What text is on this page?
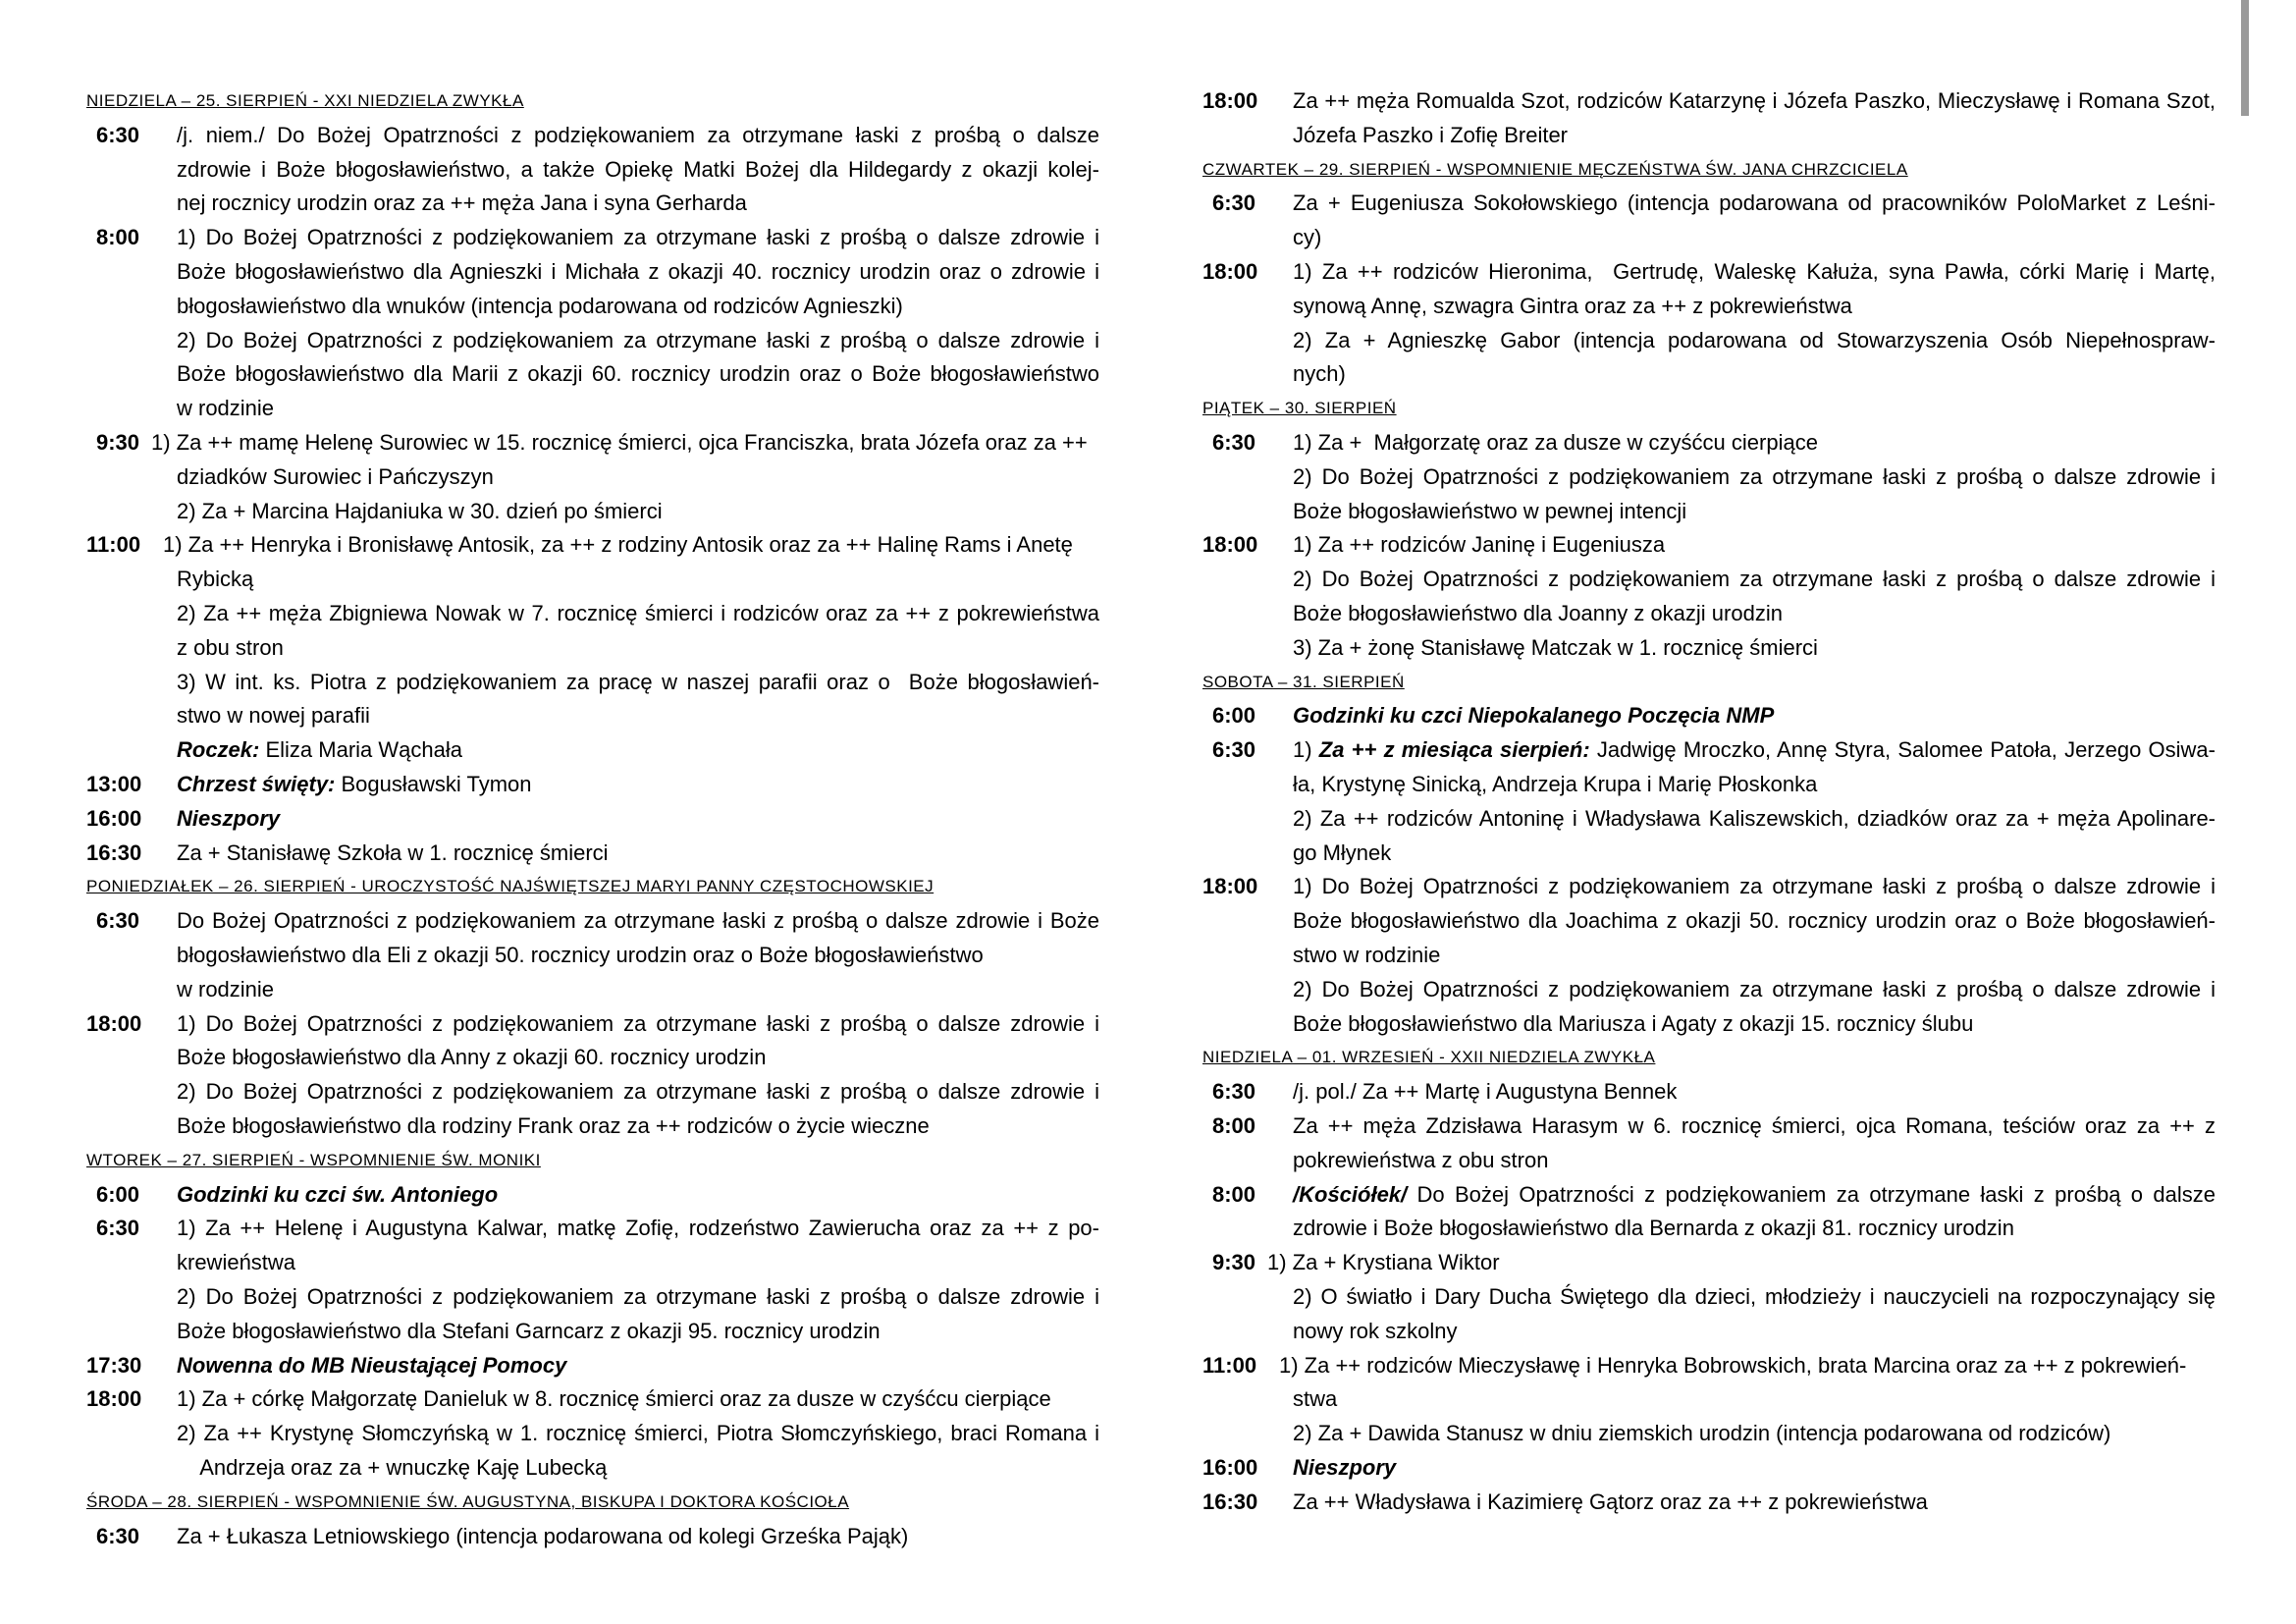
NIEDZIELA – 25. SIERPIEŃ - XXI NIEDZIELA ZWYKŁA
6:30 /j. niem./ Do Bożej Opatrzności z podziękowaniem za otrzymane łaski z prośbą o dalsze
zdrowie i Boże błogosławieństwo, a także Opiekę Matki Bożej dla Hildegardy z okazji kolej-
nej rocznicy urodzin oraz za ++ męża Jana i syna Gerharda
8:00 1) Do Bożej Opatrzności z podziękowaniem za otrzymane łaski z prośbą o dalsze zdrowie i
Boże błogosławieństwo dla Agnieszki i Michała z okazji 40. rocznicy urodzin oraz o zdrowie i
błogosławieństwo dla wnuków (intencja podarowana od rodziców Agnieszki)
2) Do Bożej Opatrzności z podziękowaniem za otrzymane łaski z prośbą o dalsze zdrowie i
Boże błogosławieństwo dla Marii z okazji 60. rocznicy urodzin oraz o Boże błogosławieństwo
w rodzinie
9:30 1) Za ++ mamę Helenę Surowiec w 15. rocznicę śmierci, ojca Franciszka, brata Józefa oraz za ++
dziadków Surowiec i Pańczyszyn
2) Za + Marcina Hajdaniuka w 30. dzień po śmierci
11:00 1) Za ++ Henryka i Bronisławę Antosik, za ++ z rodziny Antosik oraz za ++ Halinę Rams i Anetę
Rybicką
2) Za ++ męża Zbigniewa Nowak w 7. rocznicę śmierci i rodziców oraz za ++ z pokrewieństwa
z obu stron
3) W int. ks. Piotra z podziękowaniem za pracę w naszej parafii oraz o  Boże błogosławień-
stwo w nowej parafii
Roczek: Eliza Maria Wąchała
13:00 Chrzest święty: Bogusławski Tymon
16:00 Nieszpory
16:30 Za + Stanisławę Szkoła w 1. rocznicę śmierci
PONIEDZIAŁEK – 26. SIERPIEŃ - UROCZYSTOŚĆ NAJŚWIĘTSZEJ MARYI PANNY CZĘSTOCHOWSKIEJ
6:30 Do Bożej Opatrzności z podziękowaniem za otrzymane łaski z prośbą o dalsze zdrowie i Boże
błogosławieństwo dla Eli z okazji 50. rocznicy urodzin oraz o Boże błogosławieństwo
w rodzinie
18:00 1) Do Bożej Opatrzności z podziękowaniem za otrzymane łaski z prośbą o dalsze zdrowie i
Boże błogosławieństwo dla Anny z okazji 60. rocznicy urodzin
2) Do Bożej Opatrzności z podziękowaniem za otrzymane łaski z prośbą o dalsze zdrowie i
Boże błogosławieństwo dla rodziny Frank oraz za ++ rodziców o życie wieczne
WTOREK – 27. SIERPIEŃ - WSPOMNIENIE ŚW. MONIKI
6:00 Godzinki ku czci św. Antoniego
6:30 1) Za ++ Helenę i Augustyna Kalwar, matkę Zofię, rodzeństwo Zawierucha oraz za ++ z po-
krewieństwa
2) Do Bożej Opatrzności z podziękowaniem za otrzymane łaski z prośbą o dalsze zdrowie i
Boże błogosławieństwo dla Stefani Garncarz z okazji 95. rocznicy urodzin
17:30 Nowenna do MB Nieustającej Pomocy
18:00 1) Za + córkę Małgorzatę Danieluk w 8. rocznicę śmierci oraz za dusze w czyśćcu cierpiące
2) Za ++ Krystynę Słomczyńską w 1. rocznicę śmierci, Piotra Słomczyńskiego, braci Romana i
Andrzeja oraz za + wnuczkę Kaję Lubecką
ŚRODA – 28. SIERPIEŃ - WSPOMNIENIE ŚW. AUGUSTYNA, BISKUPA I DOKTORA KOŚCIOŁA
6:30 Za + Łukasza Letniowskiego (intencja podarowana od kolegi Grześka Pająk)
18:00 Za ++ męża Romualda Szot, rodziców Katarzynę i Józefa Paszko, Mieczysławę i Romana Szot,
Józefa Paszko i Zofię Breiter
CZWARTEK – 29. SIERPIEŃ - WSPOMNIENIE MĘCZEŃSTWA ŚW. JANA CHRZCICIELA
6:30 Za + Eugeniusza Sokołowskiego (intencja podarowana od pracowników PoloMarket z Leśni-
cy)
18:00 1) Za ++ rodziców Hieronima,  Gertrudę, Waleskę Kałuża, syna Pawła, córki Marię i Martę,
synową Annę, szwagra Gintra oraz za ++ z pokrewieństwa
2) Za + Agnieszkę Gabor (intencja podarowana od Stowarzyszenia Osób Niepełnospraw-
nych)
PIĄTEK – 30. SIERPIEŃ
6:30 1) Za +  Małgorzatę oraz za dusze w czyśćcu cierpiące
2) Do Bożej Opatrzności z podziękowaniem za otrzymane łaski z prośbą o dalsze zdrowie i
Boże błogosławieństwo w pewnej intencji
18:00 1) Za ++ rodziców Janinę i Eugeniusza
2) Do Bożej Opatrzności z podziękowaniem za otrzymane łaski z prośbą o dalsze zdrowie i
Boże błogosławieństwo dla Joanny z okazji urodzin
3) Za + żonę Stanisławę Matczak w 1. rocznicę śmierci
SOBOTA – 31. SIERPIEŃ
6:00 Godzinki ku czci Niepokalanego Poczęcia NMP
6:30 1) Za ++ z miesiąca sierpień: Jadwigę Mroczko, Annę Styra, Salomee Patoła, Jerzego Osiwa-
ła, Krystynę Sinicką, Andrzeja Krupa i Marię Płoskonka
2) Za ++ rodziców Antoninę i Władysława Kaliszewskich, dziadków oraz za + męża Apolinare-
go Młynek
18:00 1) Do Bożej Opatrzności z podziękowaniem za otrzymane łaski z prośbą o dalsze zdrowie i
Boże błogosławieństwo dla Joachima z okazji 50. rocznicy urodzin oraz o Boże błogosławień-
stwo w rodzinie
2) Do Bożej Opatrzności z podziękowaniem za otrzymane łaski z prośbą o dalsze zdrowie i
Boże błogosławieństwo dla Mariusza i Agaty z okazji 15. rocznicy ślubu
NIEDZIELA – 01. WRZESIEŃ - XXII NIEDZIELA ZWYKŁA
6:30 /j. pol./ Za ++ Martę i Augustyna Bennek
8:00 Za ++ męża Zdzisława Harasym w 6. rocznicę śmierci, ojca Romana, teściów oraz za ++ z
pokrewieństwa z obu stron
8:00 /Kościółek/ Do Bożej Opatrzności z podziękowaniem za otrzymane łaski z prośbą o dalsze
zdrowie i Boże błogosławieństwo dla Bernarda z okazji 81. rocznicy urodzin
9:30 1) Za + Krystiana Wiktor
2) O światło i Dary Ducha Świętego dla dzieci, młodzieży i nauczycieli na rozpoczynający się
nowy rok szkolny
11:00 1) Za ++ rodziców Mieczysławę i Henryka Bobrowskich, brata Marcina oraz za ++ z pokrewień-
stwa
2) Za + Dawida Stanusz w dniu ziemskich urodzin (intencja podarowana od rodziców)
16:00 Nieszpory
16:30 Za ++ Władysława i Kazimierę Gątorz oraz za ++ z pokrewieństwa
